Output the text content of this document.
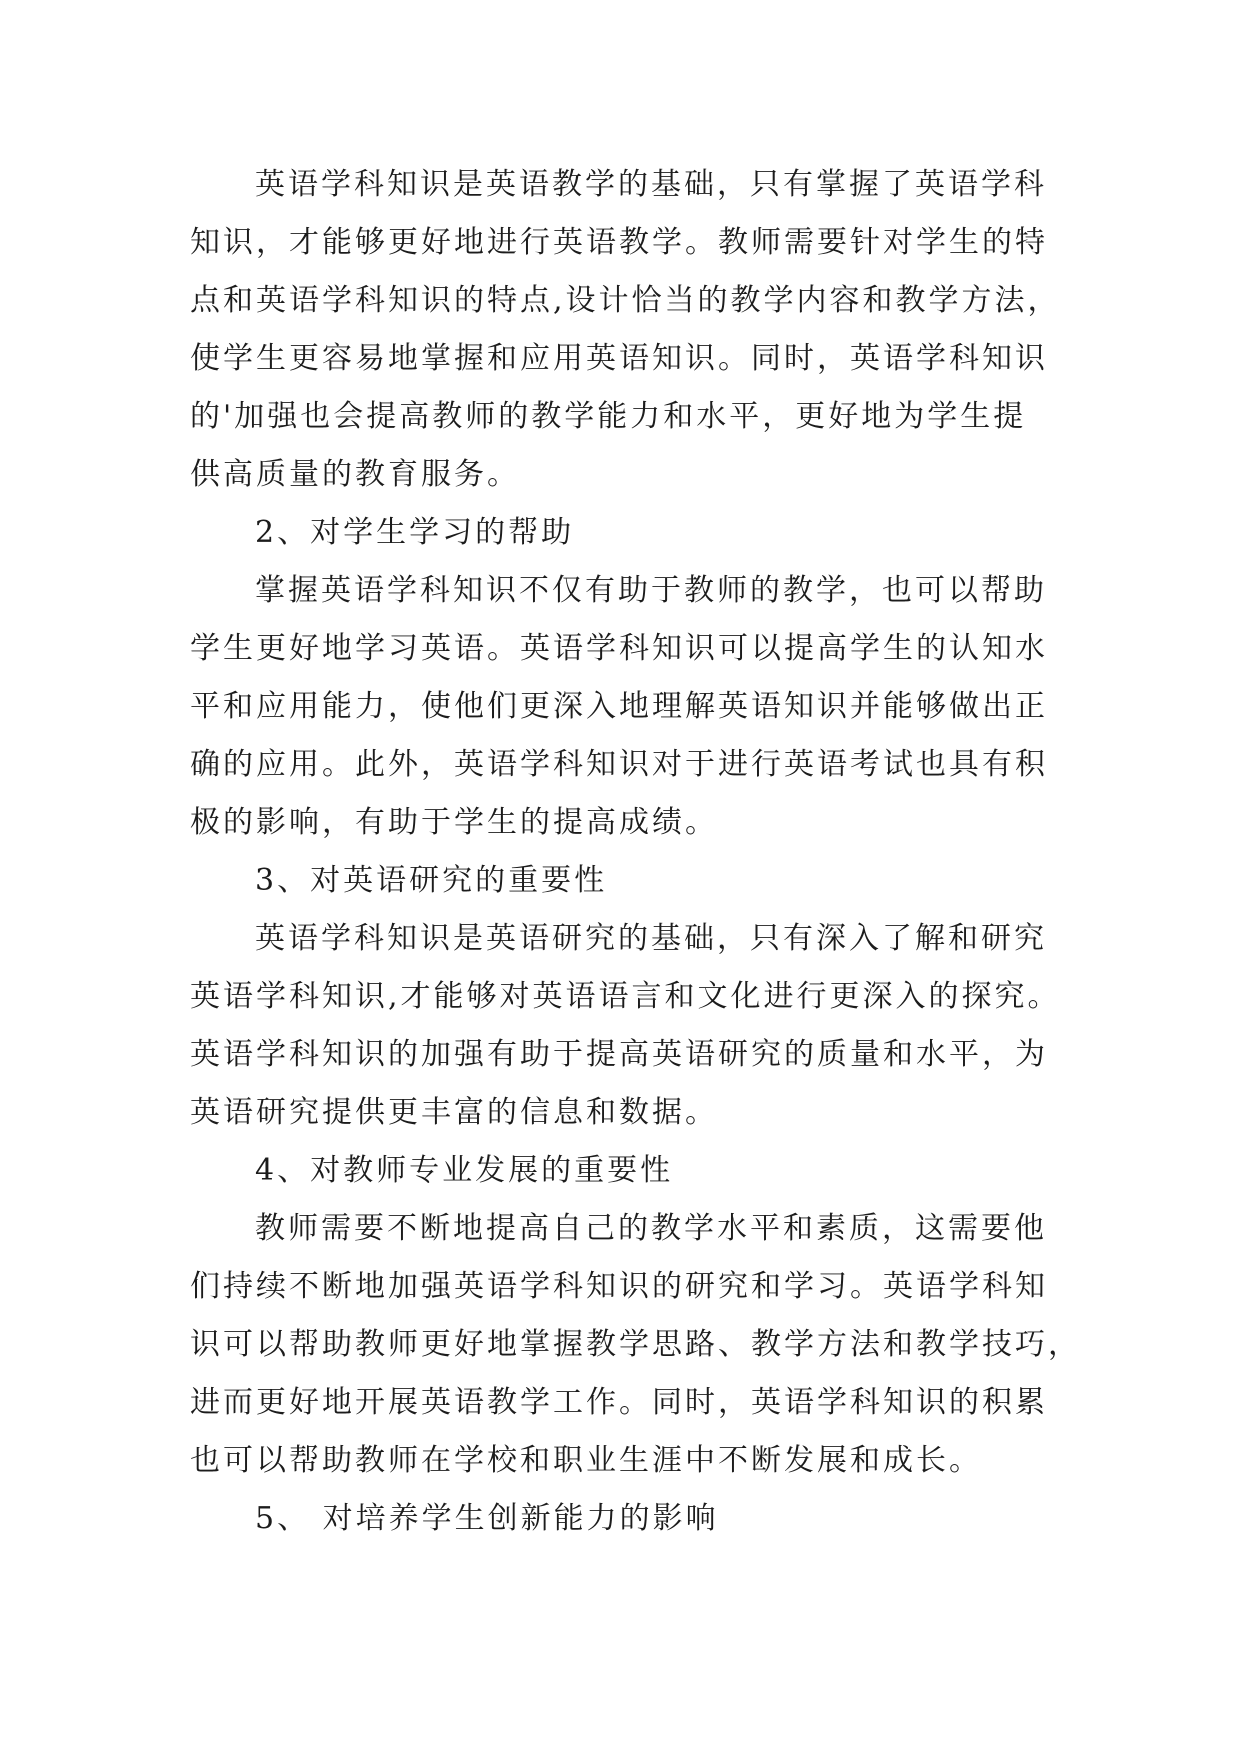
英语学科知识是英语教学的基础，只有掌握了英语学科
知识，才能够更好地进行英语教学。教师需要针对学生的特
点和英语学科知识的特点,设计恰当的教学内容和教学方法，
使学生更容易地掌握和应用英语知识。同时，英语学科知识
的'加强也会提高教师的教学能力和水平，更好地为学生提
供高质量的教育服务。
2、对学生学习的帮助
掌握英语学科知识不仅有助于教师的教学，也可以帮助
学生更好地学习英语。英语学科知识可以提高学生的认知水
平和应用能力，使他们更深入地理解英语知识并能够做出正
确的应用。此外，英语学科知识对于进行英语考试也具有积
极的影响，有助于学生的提高成绩。
3、对英语研究的重要性
英语学科知识是英语研究的基础，只有深入了解和研究
英语学科知识,才能够对英语语言和文化进行更深入的探究。
英语学科知识的加强有助于提高英语研究的质量和水平，为
英语研究提供更丰富的信息和数据。
4、对教师专业发展的重要性
教师需要不断地提高自己的教学水平和素质，这需要他
们持续不断地加强英语学科知识的研究和学习。英语学科知
识可以帮助教师更好地掌握教学思路、教学方法和教学技巧，
进而更好地开展英语教学工作。同时，英语学科知识的积累
也可以帮助教师在学校和职业生涯中不断发展和成长。
5、 对培养学生创新能力的影响
